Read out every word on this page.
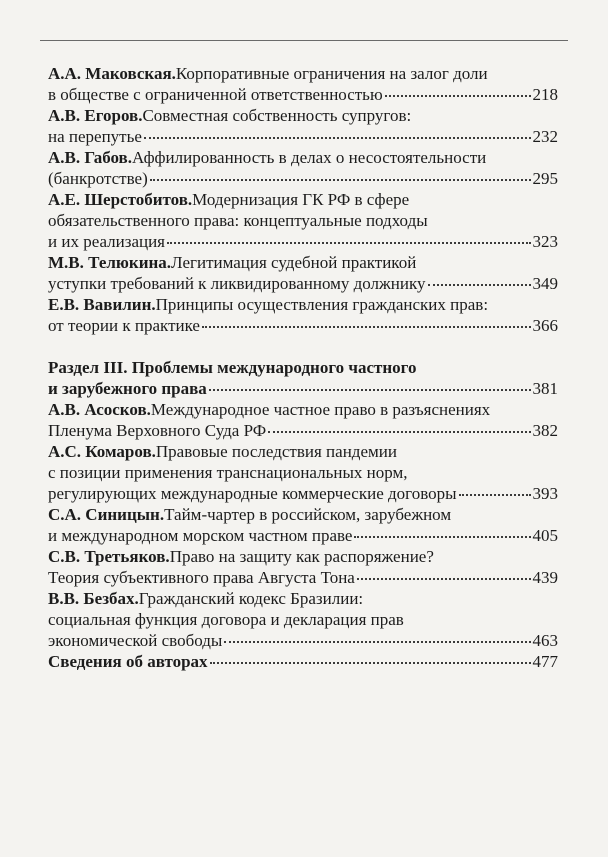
А.А. Маковская. Корпоративные ограничения на залог доли
в обществе с ограниченной ответственностью	218
А.В. Егоров. Совместная собственность супругов:
на перепутье	232
А.В. Габов. Аффилированность в делах о несостоятельности
(банкротстве)	295
А.Е. Шерстобитов. Модернизация ГК РФ в сфере
обязательственного права: концептуальные подходы
и их реализация	323
М.В. Телюкина. Легитимация судебной практикой
уступки требований к ликвидированному должнику	349
Е.В. Вавилин. Принципы осуществления гражданских прав:
от теории к практике	366
Раздел III. Проблемы международного частного
и зарубежного права	381
А.В. Асосков. Международное частное право в разъяснениях
Пленума Верховного Суда РФ	382
А.С. Комаров. Правовые последствия пандемии
с позиции применения транснациональных норм,
регулирующих международные коммерческие договоры	393
С.А. Синицын. Тайм-чартер в российском, зарубежном
и международном морском частном праве	405
С.В. Третьяков. Право на защиту как распоряжение?
Теория субъективного права Августа Тона	439
В.В. Безбах. Гражданский кодекс Бразилии:
социальная функция договора и декларация прав
экономической свободы	463
Сведения об авторах	477
